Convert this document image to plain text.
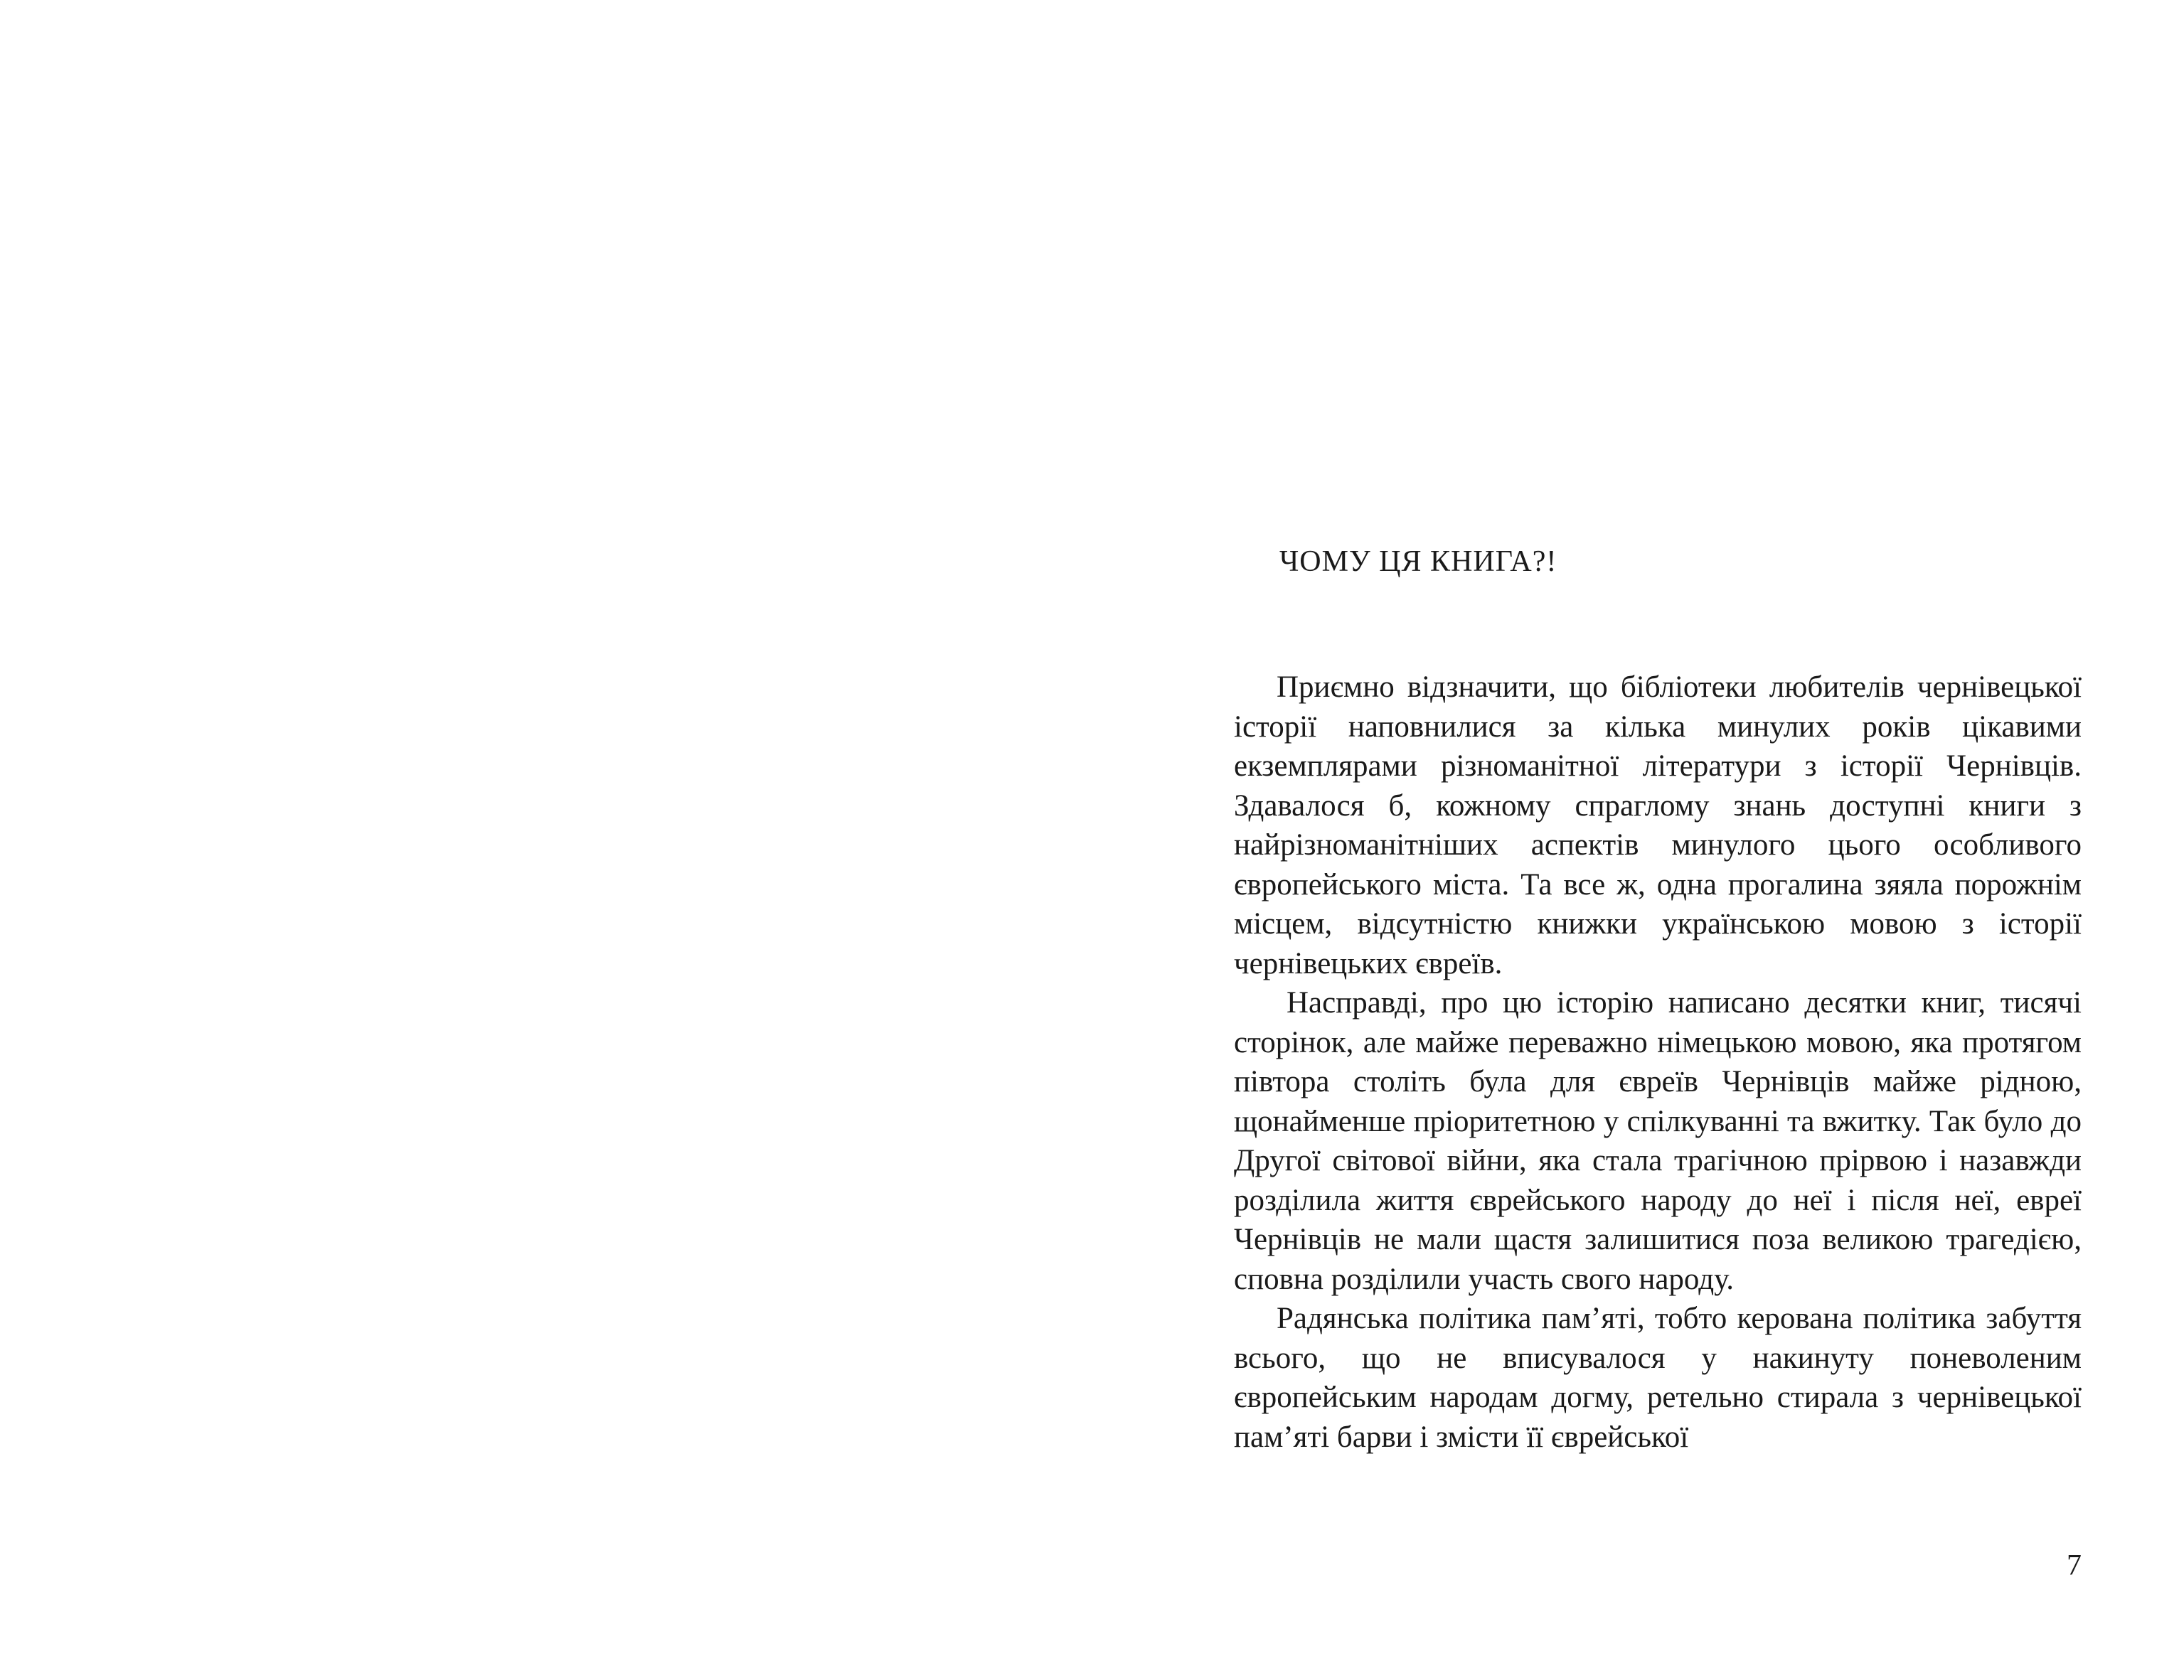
ЧОМУ ЦЯ КНИГА?!

Приємно відзначити, що бібліотеки любителів чернівецької історії наповнилися за кілька минулих років цікавими екземплярами різноманітної літератури з історії Чернівців. Здавалося б, кожному спраглому знань доступні книги з найрізноманітніших аспектів минулого цього особливого європейського міста. Та все ж, одна прогалина зяяла порожнім місцем, відсутністю книжки українською мовою з історії чернівецьких євреїв.

Насправді, про цю історію написано десятки книг, тисячі сторінок, але майже переважно німецькою мовою, яка протягом півтора століть була для євреїв Чернівців майже рідною, щонайменше пріоритетною у спілкуванні та вжитку. Так було до Другої світової війни, яка стала трагічною прірвою і назавжди розділила життя єврейського народу до неї і після неї, евреї Чернівців не мали щастя залишитися поза великою трагедією, сповна розділили участь свого народу.

Радянська політика пам’яті, тобто керована політика забуття всього, що не вписувалося у накинуту поневоленим європейським народам догму, ретельно стирала з чернівецької пам’яті барви і змісти її єврейської

7
